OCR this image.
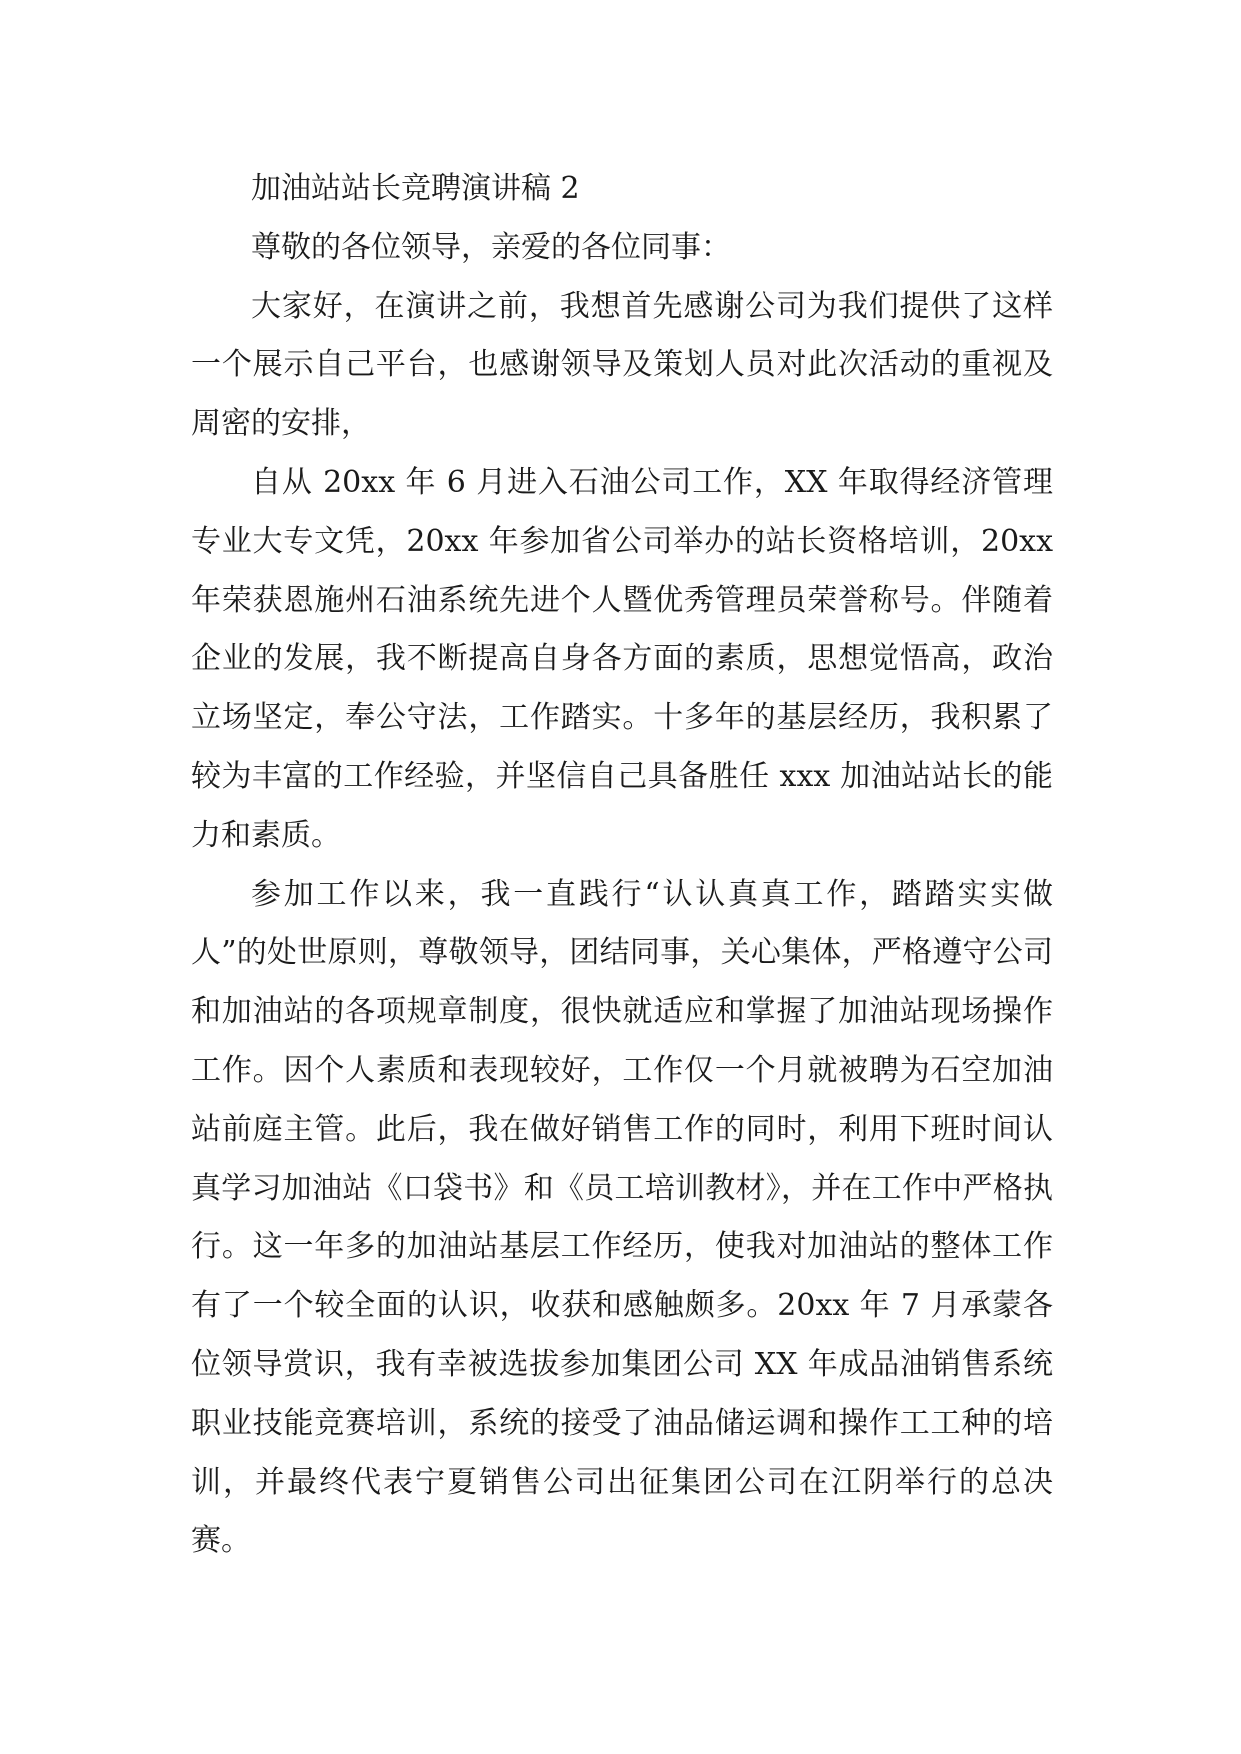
加油站站长竞聘演讲稿 2

尊敬的各位领导，亲爱的各位同事：

大家好，在演讲之前，我想首先感谢公司为我们提供了这样一个展示自己平台，也感谢领导及策划人员对此次活动的重视及周密的安排，

自从 20xx 年 6 月进入石油公司工作，XX 年取得经济管理专业大专文凭，20xx 年参加省公司举办的站长资格培训，20xx 年荣获恩施州石油系统先进个人暨优秀管理员荣誉称号。伴随着企业的发展，我不断提高自身各方面的素质，思想觉悟高，政治立场坚定，奉公守法，工作踏实。十多年的基层经历，我积累了较为丰富的工作经验，并坚信自己具备胜任 xxx 加油站站长的能力和素质。

参加工作以来，我一直践行“认认真真工作，踏踏实实做人”的处世原则，尊敬领导，团结同事，关心集体，严格遵守公司和加油站的各项规章制度，很快就适应和掌握了加油站现场操作工作。因个人素质和表现较好，工作仅一个月就被聘为石空加油站前庭主管。此后，我在做好销售工作的同时，利用下班时间认真学习加油站《口袋书》和《员工培训教材》，并在工作中严格执行。这一年多的加油站基层工作经历，使我对加油站的整体工作有了一个较全面的认识，收获和感触颇多。20xx 年 7 月承蒙各位领导赏识，我有幸被选拔参加集团公司 XX 年成品油销售系统职业技能竞赛培训，系统的接受了油品储运调和操作工工种的培训，并最终代表宁夏销售公司出征集团公司在江阴举行的总决赛。
